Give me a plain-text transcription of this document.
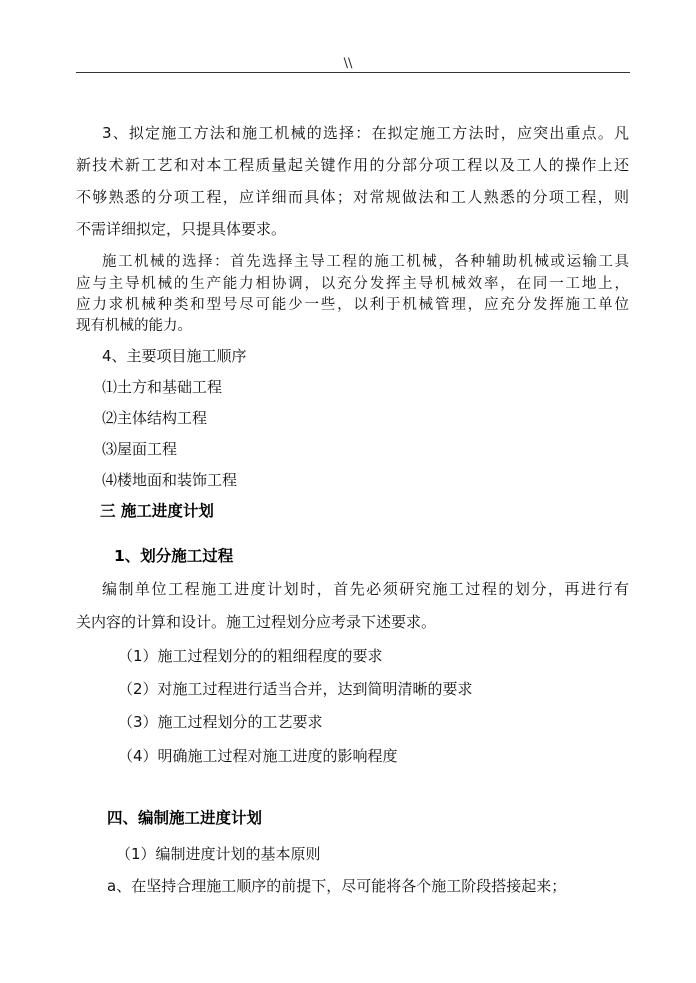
\\
3、拟定施工方法和施工机械的选择：在拟定施工方法时，应突出重点。凡
新技术新工艺和对本工程质量起关键作用的分部分项工程以及工人的操作上还
不够熟悉的分项工程，应详细而具体；对常规做法和工人熟悉的分项工程，则
不需详细拟定，只提具体要求。
施工机械的选择：首先选择主导工程的施工机械，各种辅助机械或运输工具
应与主导机械的生产能力相协调，以充分发挥主导机械效率，在同一工地上，
应力求机械种类和型号尽可能少一些，以利于机械管理，应充分发挥施工单位
现有机械的能力。
4、主要项目施工顺序
⑴土方和基础工程
⑵主体结构工程
⑶屋面工程
⑷楼地面和装饰工程
三 施工进度计划
1、划分施工过程
编制单位工程施工进度计划时，首先必须研究施工过程的划分，再进行有
关内容的计算和设计。施工过程划分应考录下述要求。
（1）施工过程划分的的粗细程度的要求
（2）对施工过程进行适当合并，达到简明清晰的要求
（3）施工过程划分的工艺要求
（4）明确施工过程对施工进度的影响程度
四、编制施工进度计划
（1）编制进度计划的基本原则
a、在坚持合理施工顺序的前提下，尽可能将各个施工阶段搭接起来；
